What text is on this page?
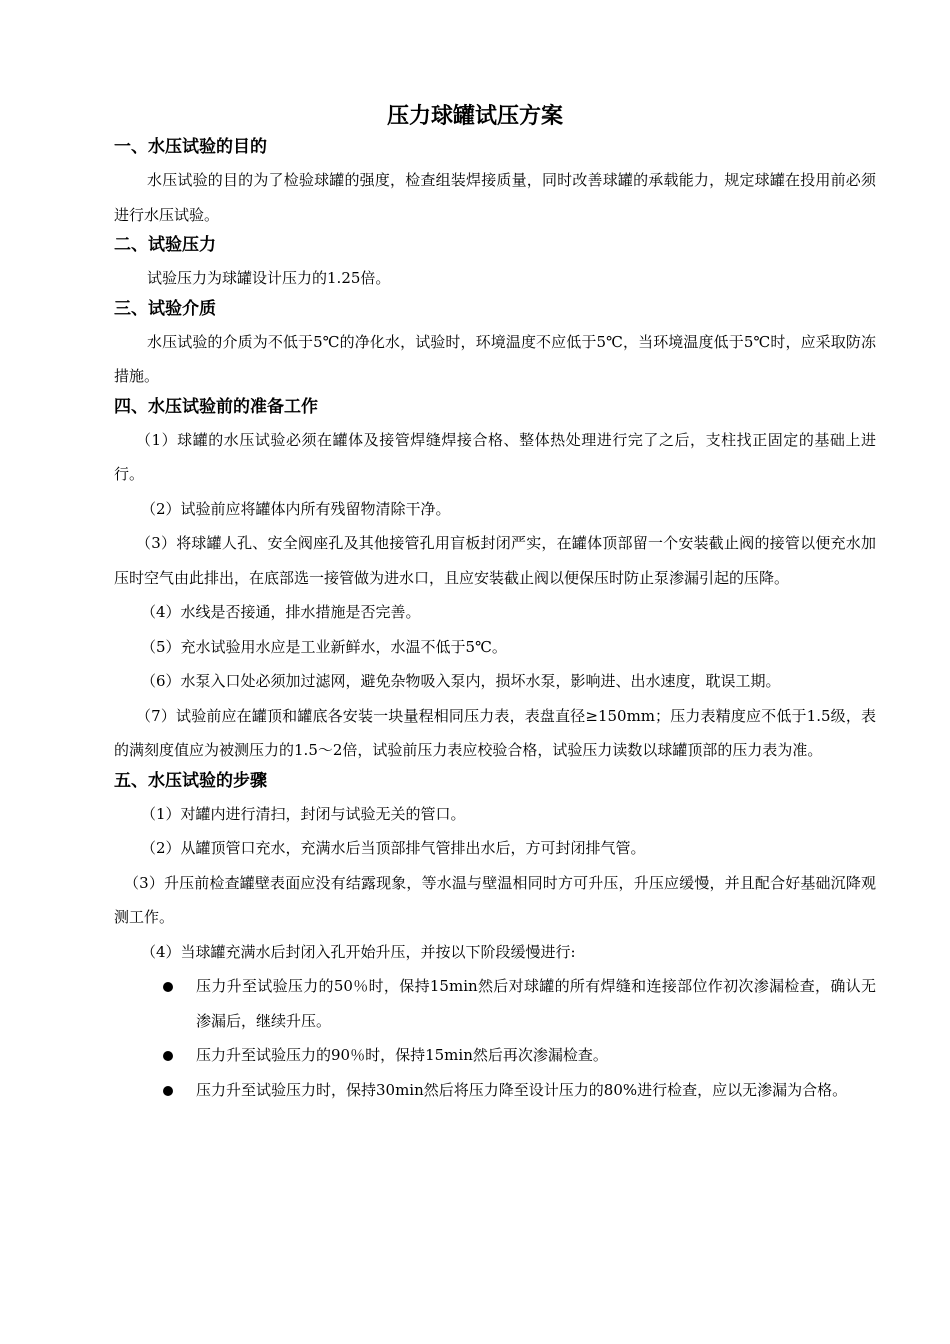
压力球罐试压方案
一、水压试验的目的

水压试验的目的为了检验球罐的强度，检查组装焊接质量，同时改善球罐的承载能力，规定球罐在投用前必须进行水压试验。

二、试验压力

试验压力为球罐设计压力的1.25倍。

三、试验介质

水压试验的介质为不低于5℃的净化水，试验时，环境温度不应低于5℃，当环境温度低于5℃时，应采取防冻措施。

四、水压试验前的准备工作

（1）球罐的水压试验必须在罐体及接管焊缝焊接合格、整体热处理进行完了之后，支柱找正固定的基础上进行。

（2）试验前应将罐体内所有残留物清除干净。

（3）将球罐人孔、安全阀座孔及其他接管孔用盲板封闭严实，在罐体顶部留一个安装截止阀的接管以便充水加压时空气由此排出，在底部选一接管做为进水口，且应安装截止阀以便保压时防止泵渗漏引起的压降。

（4）水线是否接通，排水措施是否完善。

（5）充水试验用水应是工业新鲜水，水温不低于5℃。

（6）水泵入口处必须加过滤网，避免杂物吸入泵内，损坏水泵，影响进、出水速度，耽误工期。

（7）试验前应在罐顶和罐底各安装一块量程相同压力表，表盘直径≥150mm；压力表精度应不低于1.5级，表的满刻度值应为被测压力的1.5～2倍，试验前压力表应校验合格，试验压力读数以球罐顶部的压力表为准。

五、水压试验的步骤

（1）对罐内进行清扫，封闭与试验无关的管口。

（2）从罐顶管口充水，充满水后当顶部排气管排出水后，方可封闭排气管。

（3）升压前检查罐壁表面应没有结露现象，等水温与壁温相同时方可升压，升压应缓慢，并且配合好基础沉降观测工作。

（4）当球罐充满水后封闭入孔开始升压，并按以下阶段缓慢进行:

压力升至试验压力的50％时，保持15min然后对球罐的所有焊缝和连接部位作初次渗漏检查，确认无渗漏后，继续升压。
压力升至试验压力的90％时，保持15min然后再次渗漏检查。
压力升至试验压力时，保持30min然后将压力降至设计压力的80%进行检查，应以无渗漏为合格。
